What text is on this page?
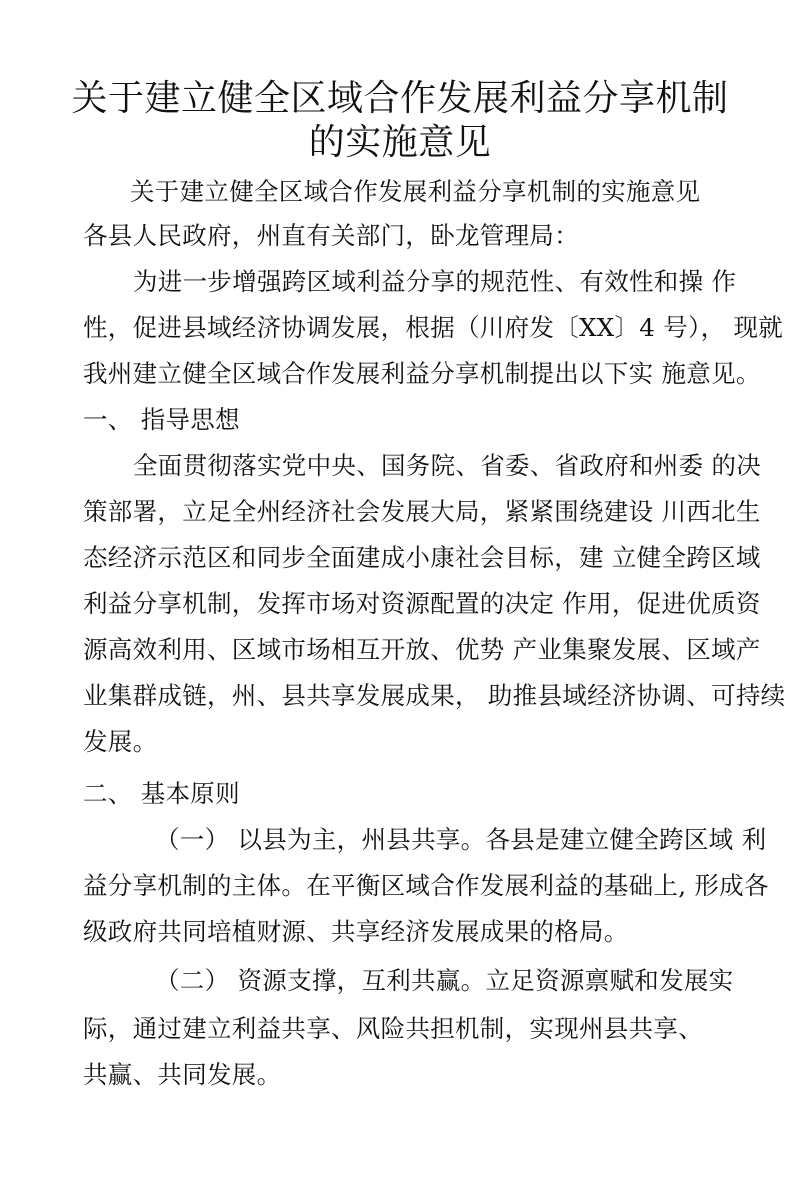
关于建立健全区域合作发展利益分享机制
的实施意见
关于建立健全区域合作发展利益分享机制的实施意见
各县人民政府，州直有关部门，卧龙管理局：
为进一步增强跨区域利益分享的规范性、有效性和操 作
性，促进县域经济协调发展，根据（川府发〔XX〕4 号）， 现就
我州建立健全区域合作发展利益分享机制提出以下实 施意见。
一、 指导思想
全面贯彻落实党中央、国务院、省委、省政府和州委 的决
策部署，立足全州经济社会发展大局，紧紧围绕建设 川西北生
态经济示范区和同步全面建成小康社会目标，建 立健全跨区域
利益分享机制，发挥市场对资源配置的决定 作用，促进优质资
源高效利用、区域市场相互开放、优势 产业集聚发展、区域产
业集群成链，州、县共享发展成果， 助推县域经济协调、可持续
发展。
二、 基本原则
（一） 以县为主，州县共享。各县是建立健全跨区域 利
益分享机制的主体。在平衡区域合作发展利益的基础上, 形成各
级政府共同培植财源、共享经济发展成果的格局。
（二） 资源支撑，互利共赢。立足资源禀赋和发展实
际，通过建立利益共享、风险共担机制，实现州县共享、
共赢、共同发展。
